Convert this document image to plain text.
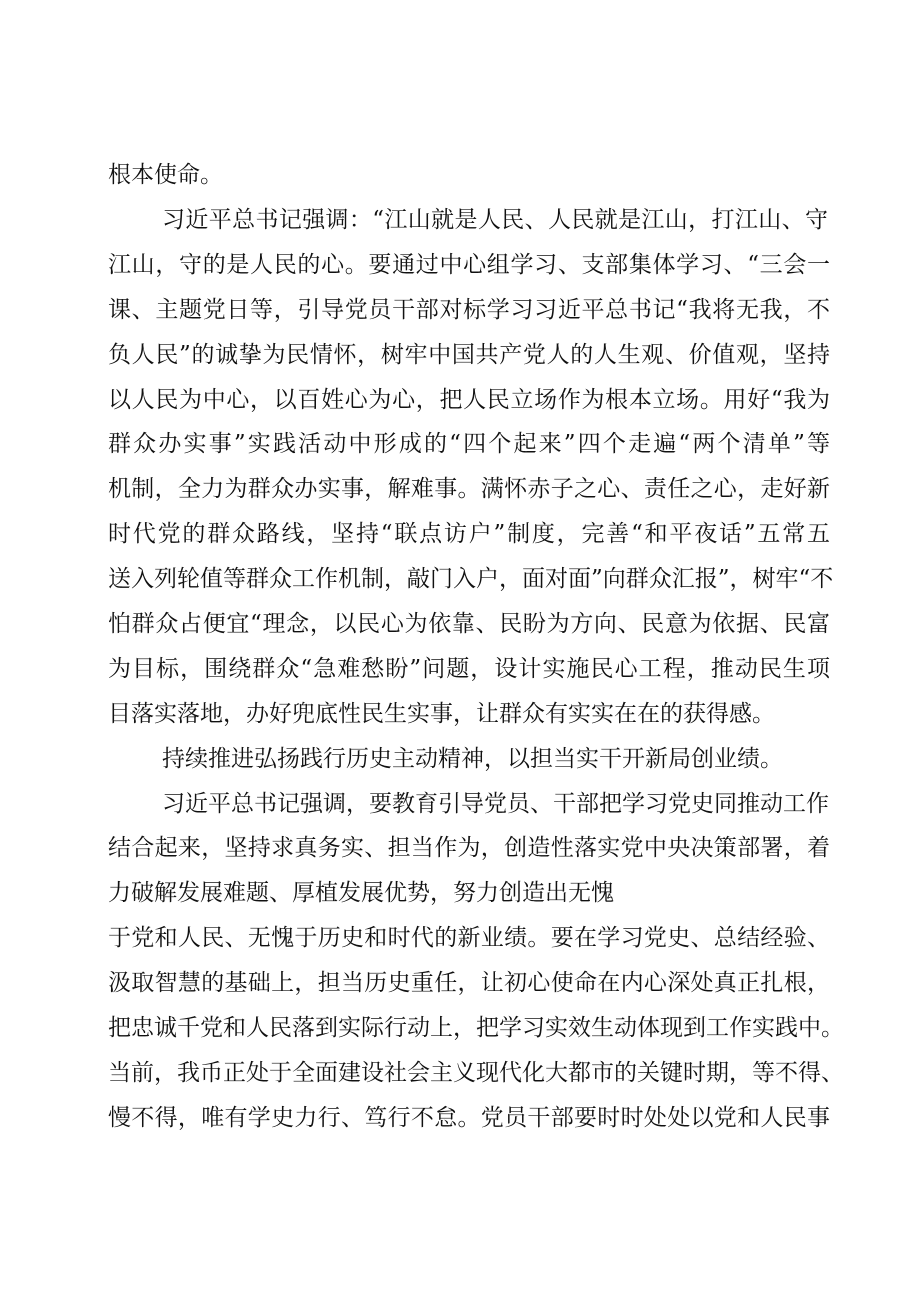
根本使命。
习近平总书记强调：“江山就是人民、人民就是江山，打江山、守
江山，守的是人民的心。要通过中心组学习、支部集体学习、“三会一
课、主题党日等，引导党员干部对标学习习近平总书记“我将无我，不
负人民”的诚挚为民情怀，树牢中国共产党人的人生观、价值观，坚持
以人民为中心，以百姓心为心，把人民立场作为根本立场。用好“我为
群众办实事”实践活动中形成的“四个起来”四个走遍“两个清单”等
机制，全力为群众办实事，解难事。满怀赤子之心、责任之心，走好新
时代党的群众路线，坚持“联点访户”制度，完善“和平夜话”五常五
送入列轮值等群众工作机制，敲门入户，面对面”向群众汇报”，树牢“不
怕群众占便宜“理念，以民心为依靠、民盼为方向、民意为依据、民富
为目标，围绕群众“急难愁盼”问题，设计实施民心工程，推动民生项
目落实落地，办好兜底性民生实事，让群众有实实在在的获得感。
持续推进弘扬践行历史主动精神，以担当实干开新局创业绩。
习近平总书记强调，要教育引导党员、干部把学习党史同推动工作
结合起来，坚持求真务实、担当作为，创造性落实党中央决策部署，着
力破解发展难题、厚植发展优势，努力创造出无愧
于党和人民、无愧于历史和时代的新业绩。要在学习党史、总结经验、
汲取智慧的基础上，担当历史重任，让初心使命在内心深处真正扎根，
把忠诚千党和人民落到实际行动上，把学习实效生动体现到工作实践中。
当前，我币正处于全面建设社会主义现代化大都市的关键时期，等不得、
慢不得，唯有学史力行、笃行不怠。党员干部要时时处处以党和人民事
